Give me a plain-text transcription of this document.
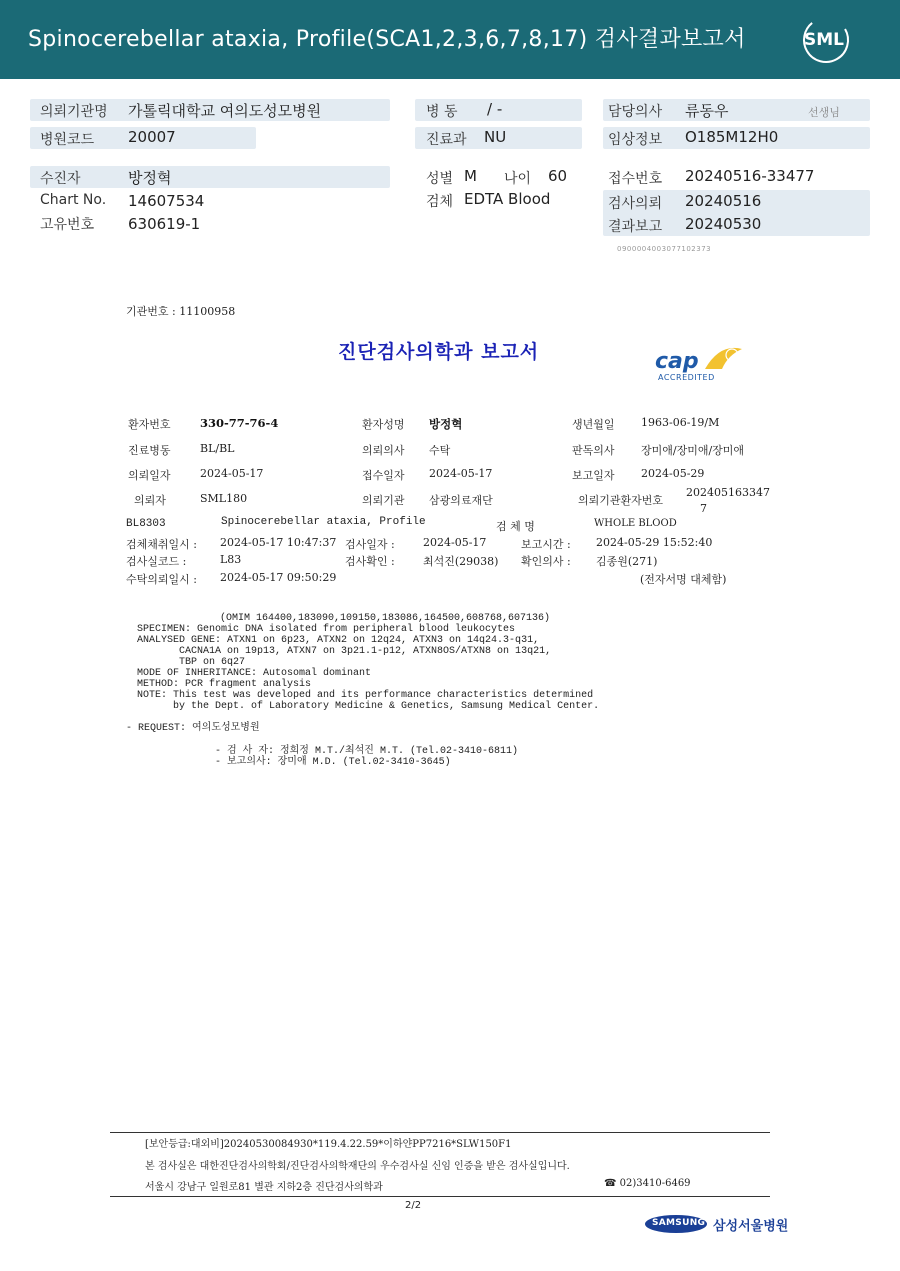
Spinocerebellar ataxia, Profile(SCA1,2,3,6,7,8,17) 검사결과보고서	SML
의뢰기관명 가톨릭대학교 여의도성모병원
병원코드 20007
병 동 / -
진료과 NU
담당의사 류동우	선생님
임상정보 O185M12H0
수진자	방정혁
Chart No. 14607534
고유번호 630619-1
성별 M 나이 60
검체 EDTA Blood
접수번호 20240516-33477
검사의뢰 20240516
결과보고 20240530
0900004003077102373
기관번호 : 11100958
진단검사의학과 보고서	cap
ACCREDITED
환자번호	330-77-76-4	환자성명 방정혁	생년월일 1963-06-19/M
진료병동	BL/BL	의뢰의사 수탁	판독의사 장미애/장미애/장미애
의뢰일자	2024-05-17	접수일자 2024-05-17	보고일자 2024-05-29
의뢰자	SML180	의뢰기관 삼광의료재단	의뢰기관환자번호
202405163347
7
BL8303	Spinocerebellar ataxia, Profile	검 체 명	WHOLE BLOOD
검체채취일시 : 2024-05-17 10:47:37 검사일자 :	2024-05-17	보고시간 : 2024-05-29 15:52:40
검사실코드 :	L83	검사확인 :	최석진(29038) 확인의사 : 김종원(271)
수탁의뢰일시 : 2024-05-17 09:50:29	(전자서명 대체함)
(OMIM 164400,183090,109150,183086,164500,608768,607136)
SPECIMEN: Genomic DNA isolated from peripheral blood leukocytes
ANALYSED GENE: ATXN1 on 6p23, ATXN2 on 12q24, ATXN3 on 14q24.3-q31,
CACNA1A on 19p13, ATXN7 on 3p21.1-p12, ATXN8OS/ATXN8 on 13q21,
TBP on 6q27
MODE OF INHERITANCE: Autosomal dominant
METHOD: PCR fragment analysis
NOTE: This test was developed and its performance characteristics determined
by the Dept. of Laboratory Medicine & Genetics, Samsung Medical Center.
- REQUEST: 여의도성모병원
- 검 사 자: 정희정 M.T./최석진 M.T. (Tel.02-3410-6811)
- 보고의사: 장미애 M.D. (Tel.02-3410-3645)
[보안등급:대외비]20240530084930*119.4.22.59*이하얀PP7216*SLW150F1
본 검사실은 대한진단검사의학회/진단검사의학재단의 우수검사실 신임 인증을 받은 검사실입니다.
서울시 강남구 일원로81 별관 지하2층 진단검사의학과	☎ 02)3410-6469
2/2
SAMSUNG 삼성서울병원
